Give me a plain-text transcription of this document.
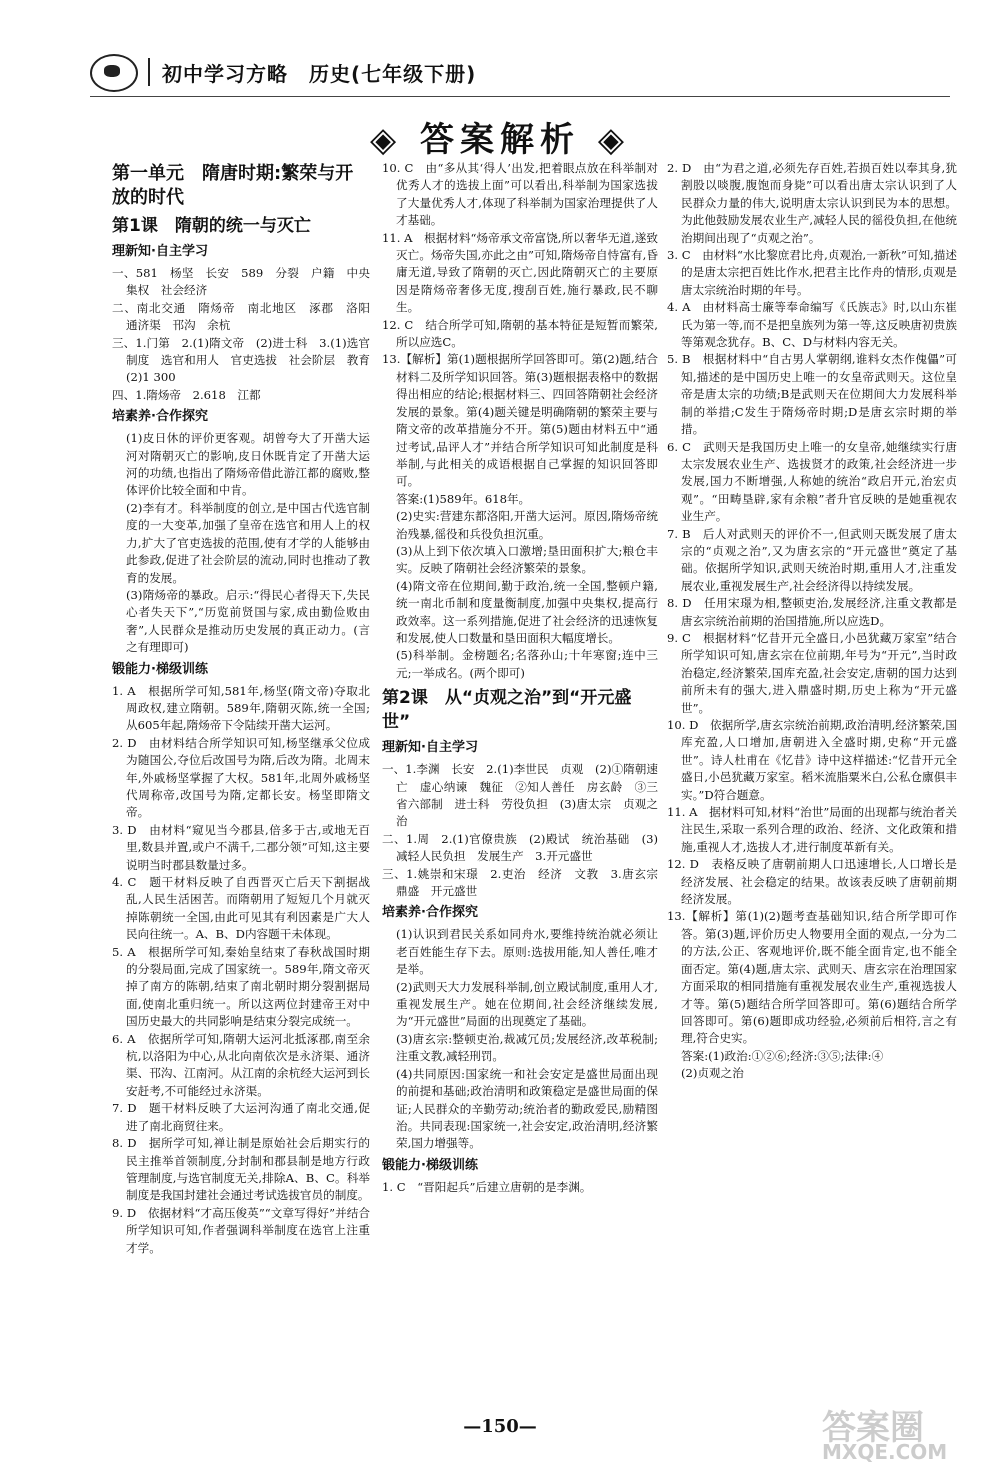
初中学习方略　历史(七年级下册)
◈ 答案解析 ◈
第一单元　隋唐时期:繁荣与开放的时代
第1课　隋朝的统一与灭亡
理新知·自主学习

一、581　杨坚　长安　589　分裂　户籍　中央集权　社会经济

二、南北交通　隋炀帝　南北地区　涿郡　洛阳　通济渠　邗沟　余杭

三、1.门第　2.(1)隋文帝　(2)进士科　3.(1)选官制度　选官和用人　官吏选拔　社会阶层　教育　(2)1 300

四、1.隋炀帝　2.618　江都

培素养·合作探究

(1)皮日休的评价更客观。胡曾夸大了开凿大运河对隋朝灭亡的影响,皮日休既肯定了开凿大运河的功绩,也指出了隋炀帝借此游江都的腐败,整体评价比较全面和中肯。

(2)李有才。科举制度的创立,是中国古代选官制度的一大变革,加强了皇帝在选官和用人上的权力,扩大了官吏选拔的范围,使有才学的人能够由此参政,促进了社会阶层的流动,同时也推动了教育的发展。

(3)隋炀帝的暴政。启示:“得民心者得天下,失民心者失天下”,“历览前贤国与家,成由勤俭败由奢”,人民群众是推动历史发展的真正动力。(言之有理即可)

锻能力·梯级训练

1. A　根据所学可知,581年,杨坚(隋文帝)夺取北周政权,建立隋朝。589年,隋朝灭陈,统一全国;从605年起,隋炀帝下令陆续开凿大运河。

2. D　由材料结合所学知识可知,杨坚继承父位成为随国公,夺位后改国号为隋,后改为隋。北周末年,外戚杨坚掌握了大权。581年,北周外戚杨坚代周称帝,改国号为隋,定都长安。杨坚即隋文帝。

3. D　由材料“窥见当今郡县,倍多于古,或地无百里,数县并置,或户不满千,二郡分领”可知,这主要说明当时郡县数量过多。

4. C　题干材料反映了自西晋灭亡后天下割据战乱,人民生活困苦。而隋朝用了短短几个月就灭掉陈朝统一全国,由此可见其有利因素是广大人民向往统一。A、B、D内容题干未体现。

5. A　根据所学可知,秦始皇结束了春秋战国时期的分裂局面,完成了国家统一。589年,隋文帝灭掉了南方的陈朝,结束了南北朝时期分裂割据局面,使南北重归统一。所以这两位封建帝王对中国历史最大的共同影响是结束分裂完成统一。

6. A　依据所学可知,隋朝大运河北抵涿郡,南至余杭,以洛阳为中心,从北向南依次是永济渠、通济渠、邗沟、江南河。从江南的余杭经大运河到长安赶考,不可能经过永济渠。

7. D　题干材料反映了大运河沟通了南北交通,促进了南北商贸往来。

8. D　据所学可知,禅让制是原始社会后期实行的民主推举首领制度,分封制和郡县制是地方行政管理制度,与选官制度无关,排除A、B、C。科举制度是我国封建社会通过考试选拔官员的制度。

9. D　依据材料“才高压俊英”“文章写得好”并结合所学知识可知,作者强调科举制度在选官上注重才学。

10. C　由“多从其‘得人’出发,把着眼点放在科举制对优秀人才的选拔上面”可以看出,科举制为国家选拔了大量优秀人才,体现了科举制为国家治理提供了人才基础。

11. A　根据材料“炀帝承文帝富饶,所以奢华无道,遂致灭亡。炀帝失国,亦此之由”可知,隋炀帝自恃富有,昏庸无道,导致了隋朝的灭亡,因此隋朝灭亡的主要原因是隋炀帝奢侈无度,搜刮百姓,施行暴政,民不聊生。

12. C　结合所学可知,隋朝的基本特征是短暂而繁荣,所以应选C。

13.【解析】第(1)题根据所学回答即可。第(2)题,结合材料二及所学知识回答。第(3)题根据表格中的数据得出相应的结论;根据材料三、四回答隋朝社会经济发展的景象。第(4)题关键是明确隋朝的繁荣主要与隋文帝的改革措施分不开。第(5)题由材料五中“通过考试,品评人才”并结合所学知识可知此制度是科举制,与此相关的成语根据自己掌握的知识回答即可。

答案:(1)589年。618年。

(2)史实:营建东都洛阳,开凿大运河。原因,隋炀帝统治残暴,徭役和兵役负担沉重。

(3)从上到下依次填入口激增;垦田面积扩大;粮仓丰实。反映了隋朝社会经济繁荣的景象。

(4)隋文帝在位期间,勤于政治,统一全国,整顿户籍,统一南北币制和度量衡制度,加强中央集权,提高行政效率。这一系列措施,促进了社会经济的迅速恢复和发展,使人口数量和垦田面积大幅度增长。

(5)科举制。金榜题名;名落孙山;十年寒窗;连中三元;一举成名。(两个即可)

第2课　从“贞观之治”到“开元盛世”
理新知·自主学习

一、1.李渊　长安　2.(1)李世民　贞观　(2)①隋朝速亡　虚心纳谏　魏征　②知人善任　房玄龄　③三省六部制　进士科　劳役负担　(3)唐太宗　贞观之治

二、1.周　2.(1)官僚贵族　(2)殿试　统治基础　(3)减轻人民负担　发展生产　3.开元盛世

三、1.姚崇和宋璟　2.吏治　经济　文教　3.唐玄宗　鼎盛　开元盛世

培素养·合作探究

(1)认识到君民关系如同舟水,要维持统治就必须让老百姓能生存下去。原则:选拔用能,知人善任,唯才是举。

(2)武则天大力发展科举制,创立殿试制度,重用人才,重视发展生产。她在位期间,社会经济继续发展,为“开元盛世”局面的出现奠定了基础。

(3)唐玄宗:整顿吏治,裁减冗员;发展经济,改革税制;注重文教,减轻刑罚。

(4)共同原因:国家统一和社会安定是盛世局面出现的前提和基础;政治清明和政策稳定是盛世局面的保证;人民群众的辛勤劳动;统治者的勤政爱民,励精图治。共同表现:国家统一,社会安定,政治清明,经济繁荣,国力增强等。

锻能力·梯级训练

1. C　“晋阳起兵”后建立唐朝的是李渊。

2. D　由“为君之道,必须先存百姓,若损百姓以奉其身,犹割股以啖腹,腹饱而身毙”可以看出唐太宗认识到了人民群众力量的伟大,说明唐太宗认识到民为本的思想。为此他鼓励发展农业生产,减轻人民的徭役负担,在他统治期间出现了“贞观之治”。

3. C　由材料“水比黎庶君比舟,贞观治,一新秋”可知,描述的是唐太宗把百姓比作水,把君主比作舟的情形,贞观是唐太宗统治时期的年号。

4. A　由材料高士廉等奉命编写《氏族志》时,以山东崔氏为第一等,而不是把皇族列为第一等,这反映唐初贵族等第观念犹存。B、C、D与材料内容无关。

5. B　根据材料中“自古男人掌朝纲,谁料女杰作傀儡”可知,描述的是中国历史上唯一的女皇帝武则天。这位皇帝是唐太宗的功绩;B是武则天在位期间大力发展科举制的举措;C发生于隋炀帝时期;D是唐玄宗时期的举措。

6. C　武则天是我国历史上唯一的女皇帝,她继续实行唐太宗发展农业生产、选拔贤才的政策,社会经济进一步发展,国力不断增强,人称她的统治“政启开元,治宏贞观”。“田畴垦辟,家有余粮”者升官反映的是她重视农业生产。

7. B　后人对武则天的评价不一,但武则天既发展了唐太宗的“贞观之治”,又为唐玄宗的“开元盛世”奠定了基础。依据所学知识,武则天统治时期,重用人才,注重发展农业,重视发展生产,社会经济得以持续发展。

8. D　任用宋璟为相,整顿吏治,发展经济,注重文教都是唐玄宗统治前期的治国措施,所以应选D。

9. C　根据材料“忆昔开元全盛日,小邑犹藏万家室”结合所学知识可知,唐玄宗在位前期,年号为“开元”,当时政治稳定,经济繁荣,国库充盈,社会安定,唐朝的国力达到前所未有的强大,进入鼎盛时期,历史上称为“开元盛世”。

10. D　依据所学,唐玄宗统治前期,政治清明,经济繁荣,国库充盈,人口增加,唐朝进入全盛时期,史称“开元盛世”。诗人杜甫在《忆昔》诗中这样描述:“忆昔开元全盛日,小邑犹藏万家室。稻米流脂粟米白,公私仓廪俱丰实。”D符合题意。

11. A　据材料可知,材料“治世”局面的出现都与统治者关注民生,采取一系列合理的政治、经济、文化政策和措施,重视人才,选拔人才,进行制度革新有关。

12. D　表格反映了唐朝前期人口迅速增长,人口增长是经济发展、社会稳定的结果。故该表反映了唐朝前期经济发展。

13.【解析】第(1)(2)题考查基础知识,结合所学即可作答。第(3)题,评价历史人物要用全面的观点,一分为二的方法,公正、客观地评价,既不能全面肯定,也不能全面否定。第(4)题,唐太宗、武则天、唐玄宗在治理国家方面采取的相同措施有重视发展农业生产,重视选拔人才等。第(5)题结合所学回答即可。第(6)题结合所学回答即可。第(6)题即成功经验,必须前后相符,言之有理,符合史实。

答案:(1)政治:①②⑥;经济:③⑤;法律:④

(2)贞观之治

—150—	答案圈
MXQE.COM
